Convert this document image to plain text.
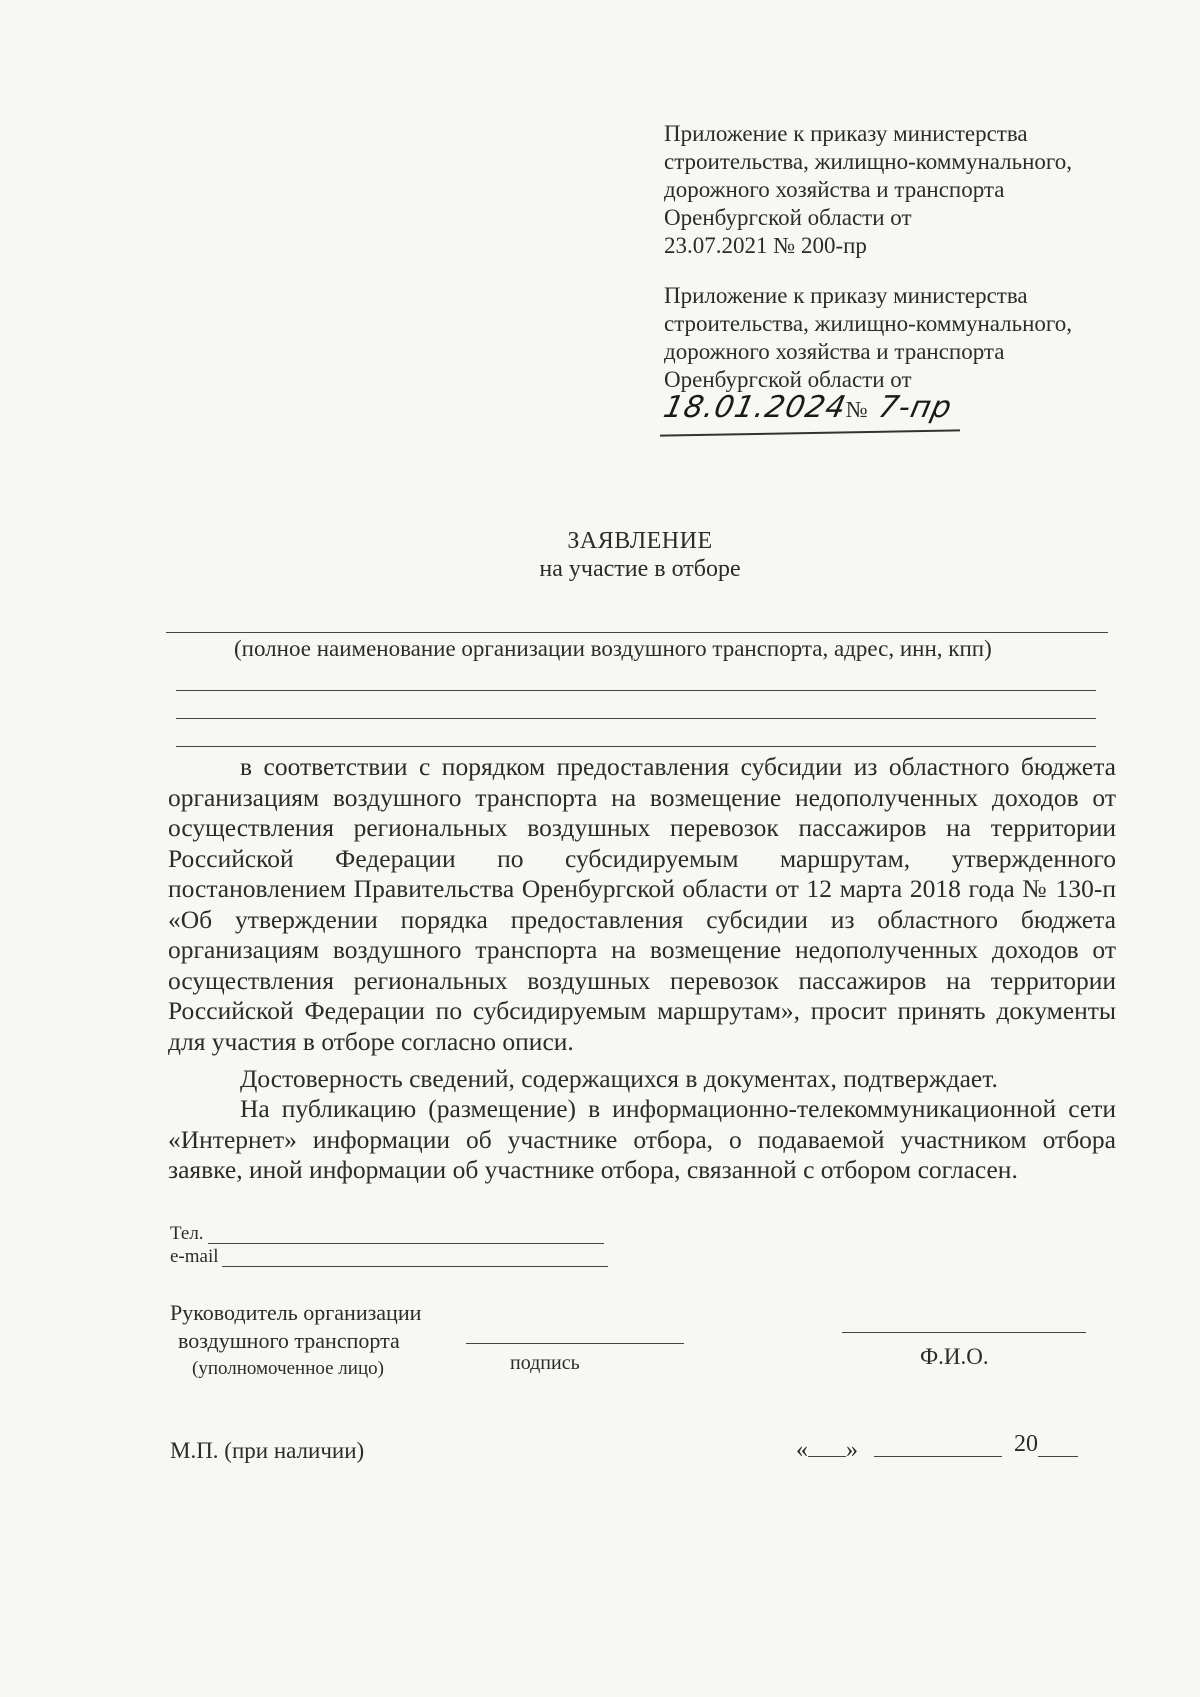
Приложение к приказу министерства
строительства, жилищно-коммунального,
дорожного хозяйства и транспорта
Оренбургской области от
23.07.2021 № 200-пр
Приложение к приказу министерства
строительства, жилищно-коммунального,
дорожного хозяйства и транспорта
Оренбургской области от
18.01.2024№ 7-пр
ЗАЯВЛЕНИЕ
на участие в отборе
(полное наименование организации воздушного транспорта, адрес, инн, кпп)
в соответствии с порядком предоставления субсидии из областного бюджета организациям воздушного транспорта на возмещение недополученных доходов от осуществления региональных воздушных перевозок пассажиров на территории Российской Федерации по субсидируемым маршрутам, утвержденного постановлением Правительства Оренбургской области от 12 марта 2018 года № 130-п «Об утверждении порядка предоставления субсидии из областного бюджета организациям воздушного транспорта на возмещение недополученных доходов от осуществления региональных воздушных перевозок пассажиров на территории Российской Федерации по субсидируемым маршрутам», просит принять документы для участия в отборе согласно описи.
Достоверность сведений, содержащихся в документах, подтверждает.
На публикацию (размещение) в информационно-телекоммуникационной сети «Интернет» информации об участнике отбора, о подаваемой участником отбора заявке, иной информации об участнике отбора, связанной с отбором согласен.
Тел.
e-mail
Руководитель организации
воздушного транспорта
(уполномоченное лицо)	подпись	Ф.И.О.
М.П. (при наличии)	« »	20
